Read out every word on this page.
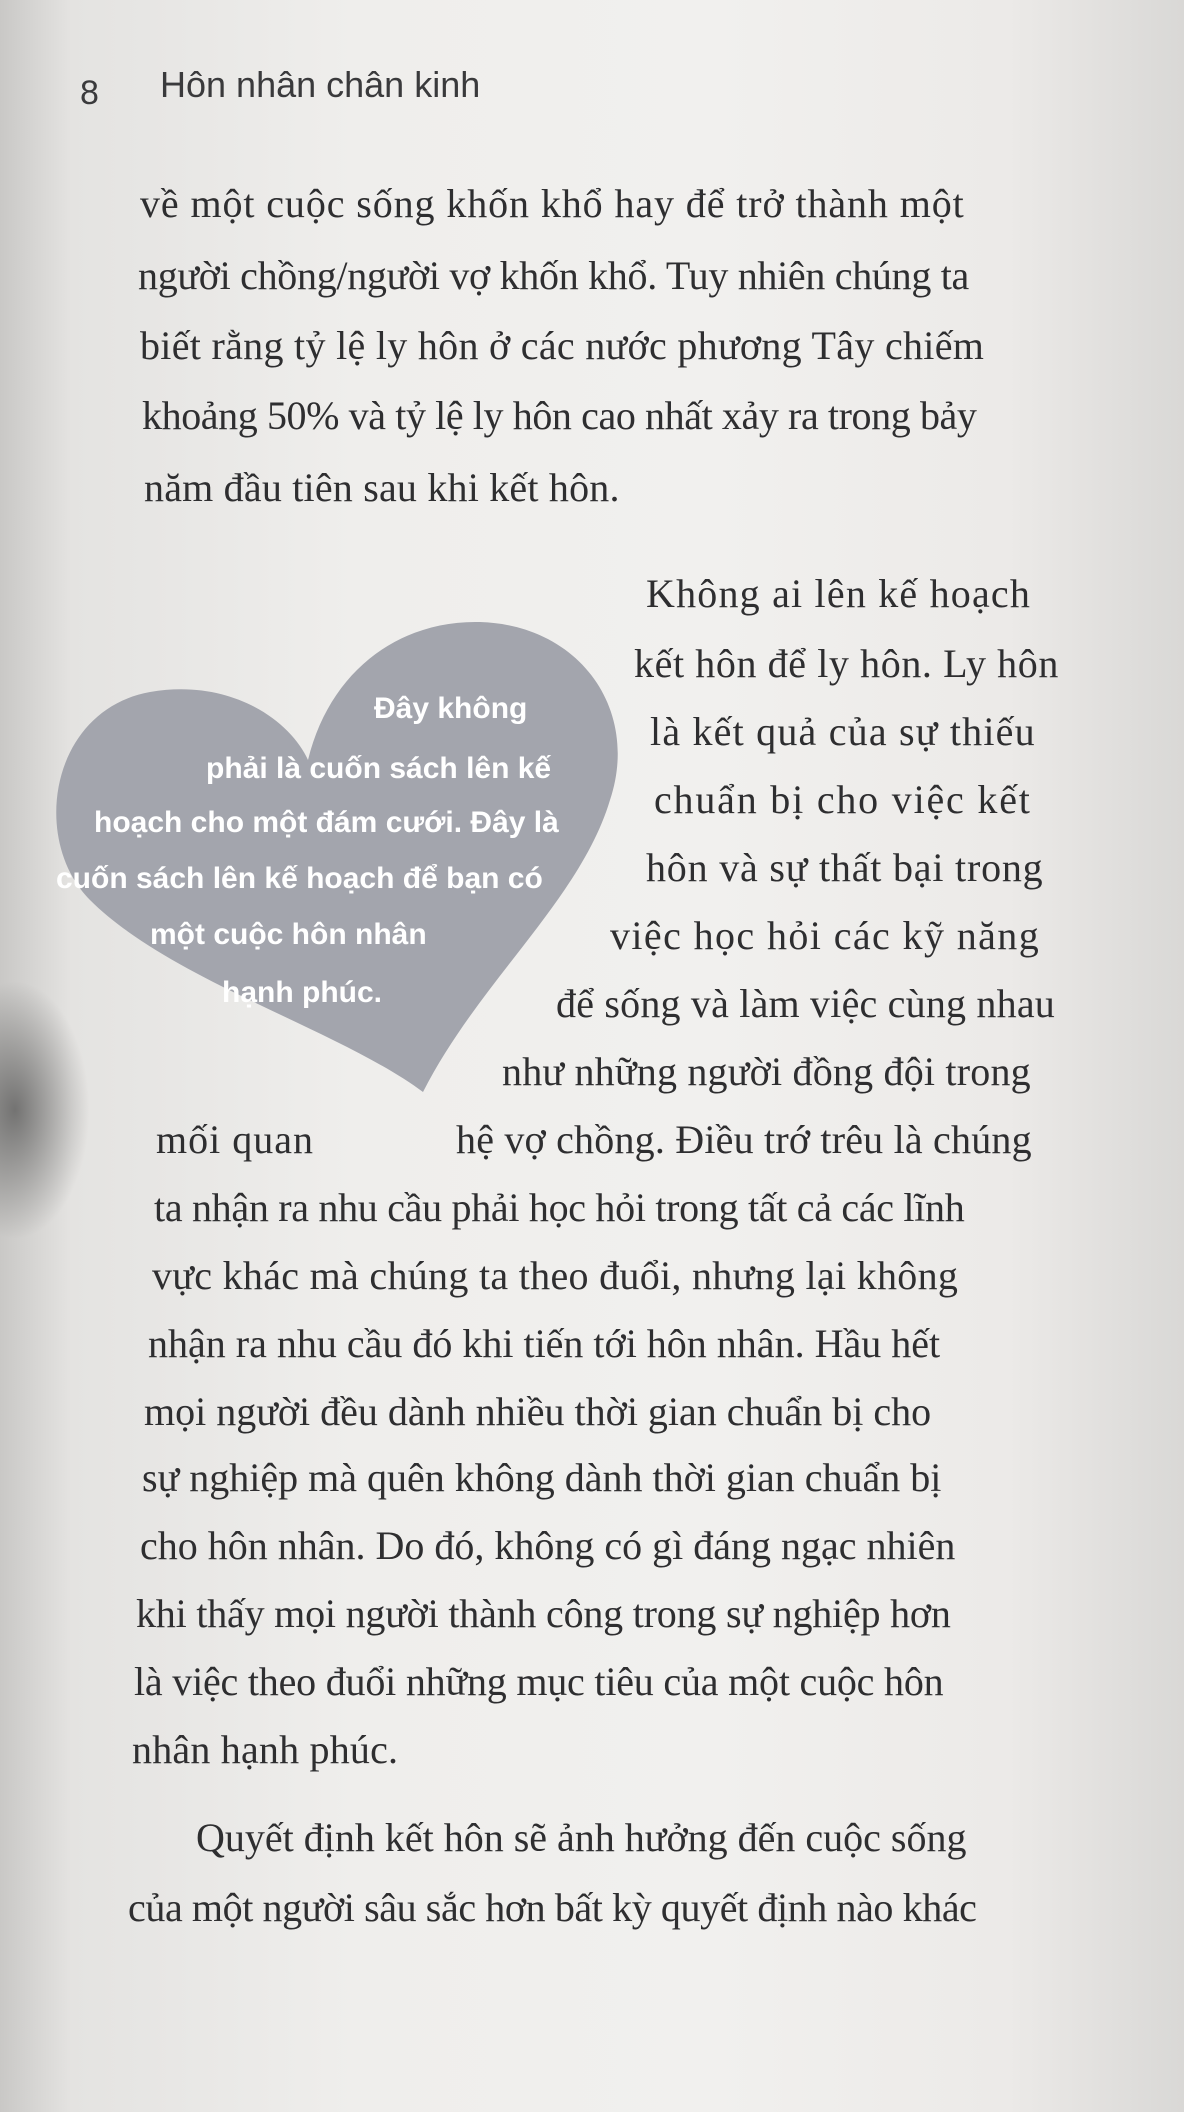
8 Hôn nhân chân kinh
về một cuộc sống khốn khổ hay để trở thành một
người chồng/người vợ khốn khổ. Tuy nhiên chúng ta
biết rằng tỷ lệ ly hôn ở các nước phương Tây chiếm
khoảng 50% và tỷ lệ ly hôn cao nhất xảy ra trong bảy
năm đầu tiên sau khi kết hôn.
Đây không
phải là cuốn sách lên kế
hoạch cho một đám cưới. Đây là
cuốn sách lên kế hoạch để bạn có
một cuộc hôn nhân
hạnh phúc.
Không ai lên kế hoạch
kết hôn để ly hôn. Ly hôn
là kết quả của sự thiếu
chuẩn bị cho việc kết
hôn và sự thất bại trong
việc học hỏi các kỹ năng
để sống và làm việc cùng nhau
như những người đồng đội trong
mối quan	hệ vợ chồng. Điều trớ trêu là chúng
ta nhận ra nhu cầu phải học hỏi trong tất cả các lĩnh
vực khác mà chúng ta theo đuổi, nhưng lại không
nhận ra nhu cầu đó khi tiến tới hôn nhân. Hầu hết
mọi người đều dành nhiều thời gian chuẩn bị cho
sự nghiệp mà quên không dành thời gian chuẩn bị
cho hôn nhân. Do đó, không có gì đáng ngạc nhiên
khi thấy mọi người thành công trong sự nghiệp hơn
là việc theo đuổi những mục tiêu của một cuộc hôn
nhân hạnh phúc.
Quyết định kết hôn sẽ ảnh hưởng đến cuộc sống
của một người sâu sắc hơn bất kỳ quyết định nào khác
